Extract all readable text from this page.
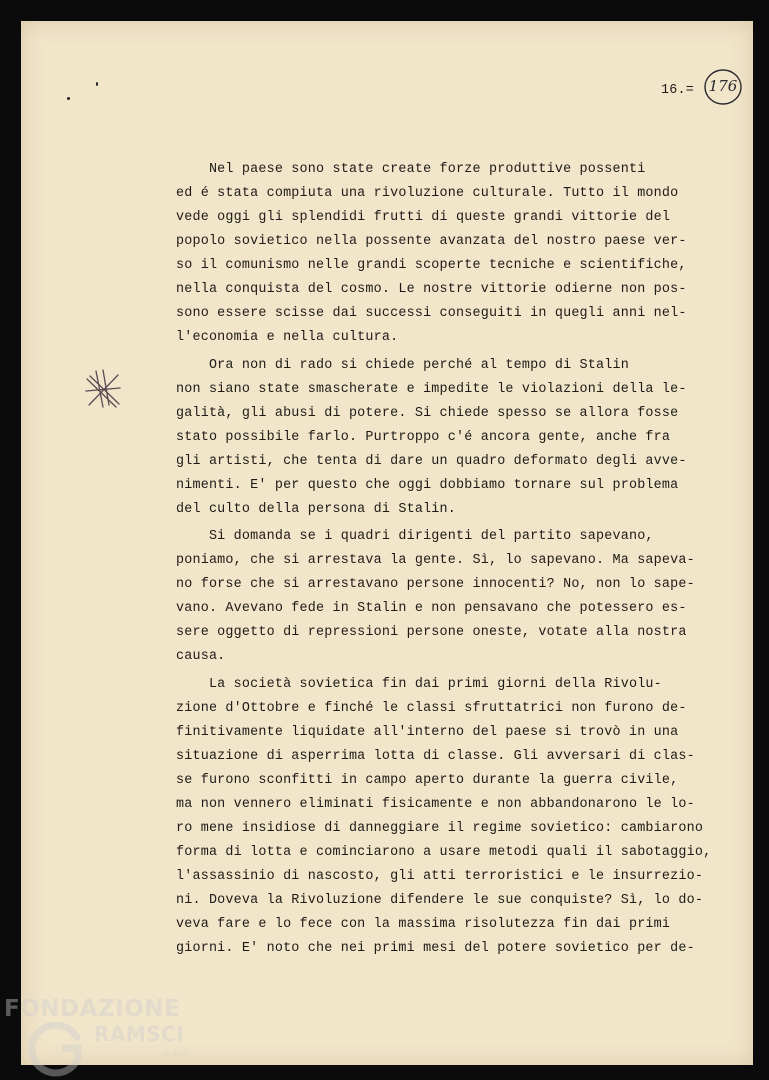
16.= 176

Nel paese sono state create forze produttive possenti

ed é stata compiuta una rivoluzione culturale. Tutto il mondo

vede oggi gli splendidi frutti di queste grandi vittorie del

popolo sovietico nella possente avanzata del nostro paese ver-

so il comunismo nelle grandi scoperte tecniche e scientifiche,

nella conquista del cosmo. Le nostre vittorie odierne non pos-

sono essere scisse dai successi conseguiti in quegli anni nel-

l'economia e nella cultura.

Ora non di rado si chiede perché al tempo di Stalin

non siano state smascherate e impedite le violazioni della le-

galità, gli abusi di potere. Si chiede spesso se allora fosse

stato possibile farlo. Purtroppo c'é ancora gente, anche fra

gli artisti, che tenta di dare un quadro deformato degli avve-

nimenti. E' per questo che oggi dobbiamo tornare sul problema

del culto della persona di Stalin.

Si domanda se i quadri dirigenti del partito sapevano,

poniamo, che si arrestava la gente. Sì, lo sapevano. Ma sapeva-

no forse che si arrestavano persone innocenti? No, non lo sape-

vano. Avevano fede in Stalin e non pensavano che potessero es-

sere oggetto di repressioni persone oneste, votate alla nostra

causa.

La società sovietica fin dai primi giorni della Rivolu-

zione d'Ottobre e finché le classi sfruttatrici non furono de-

finitivamente liquidate all'interno del paese si trovò in una

situazione di asperrima lotta di classe. Gli avversari di clas-

se furono sconfitti in campo aperto durante la guerra civile,

ma non vennero eliminati fisicamente e non abbandonarono le lo-

ro mene insidiose di danneggiare il regime sovietico: cambiarono

forma di lotta e cominciarono a usare metodi quali il sabotaggio,

l'assassinio di nascosto, gli atti terroristici e le insurrezio-

ni. Doveva la Rivoluzione difendere le sue conquiste? Sì, lo do-

veva fare e lo fece con la massima risolutezza fin dai primi

giorni. E' noto che nei primi mesi del potere sovietico per de-

FONDAZIONE
RAMSCI
onlus
